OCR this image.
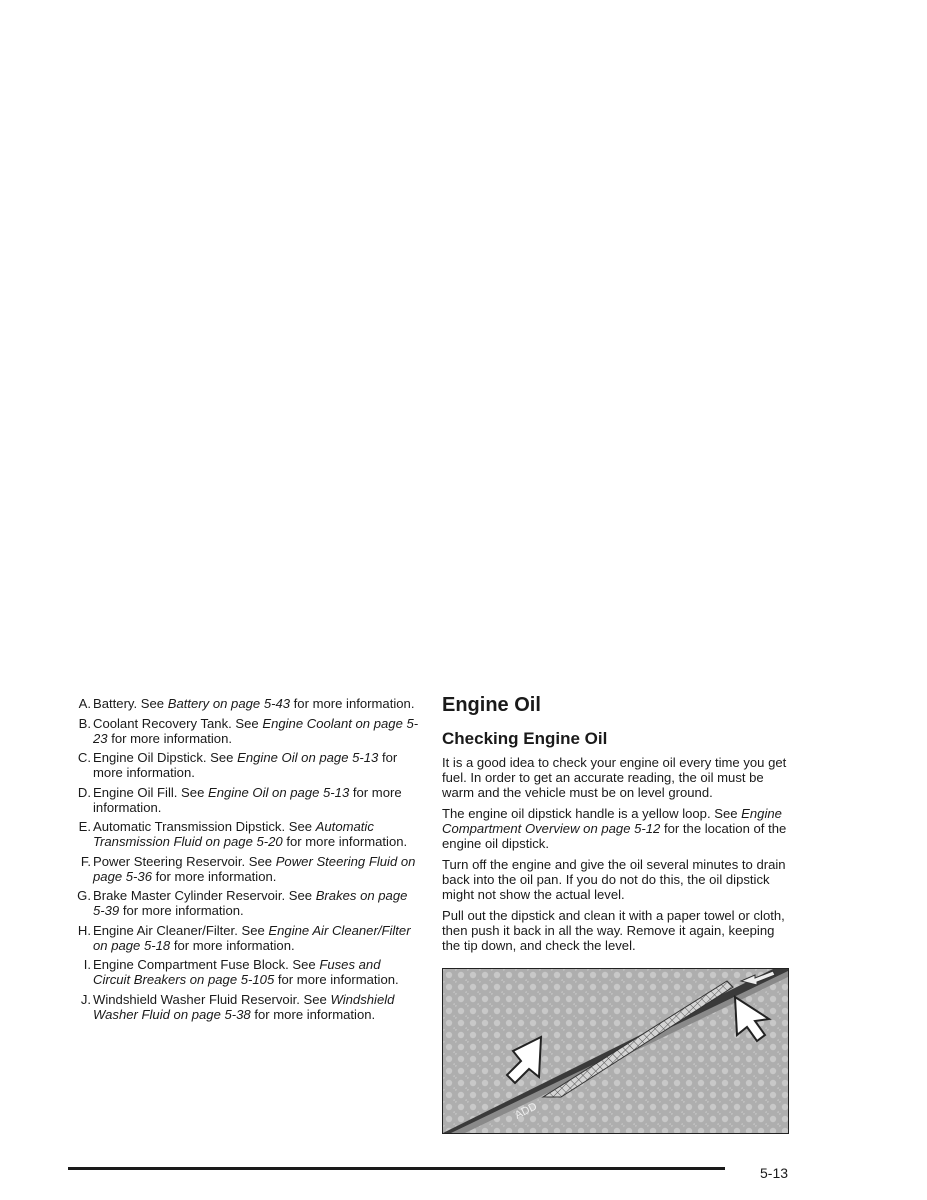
A. Battery. See Battery on page 5-43 for more information.
B. Coolant Recovery Tank. See Engine Coolant on page 5-23 for more information.
C. Engine Oil Dipstick. See Engine Oil on page 5-13 for more information.
D. Engine Oil Fill. See Engine Oil on page 5-13 for more information.
E. Automatic Transmission Dipstick. See Automatic Transmission Fluid on page 5-20 for more information.
F. Power Steering Reservoir. See Power Steering Fluid on page 5-36 for more information.
G. Brake Master Cylinder Reservoir. See Brakes on page 5-39 for more information.
H. Engine Air Cleaner/Filter. See Engine Air Cleaner/Filter on page 5-18 for more information.
I. Engine Compartment Fuse Block. See Fuses and Circuit Breakers on page 5-105 for more information.
J. Windshield Washer Fluid Reservoir. See Windshield Washer Fluid on page 5-38 for more information.
Engine Oil
Checking Engine Oil

It is a good idea to check your engine oil every time you get fuel. In order to get an accurate reading, the oil must be warm and the vehicle must be on level ground.

The engine oil dipstick handle is a yellow loop. See Engine Compartment Overview on page 5-12 for the location of the engine oil dipstick.

Turn off the engine and give the oil several minutes to drain back into the oil pan. If you do not do this, the oil dipstick might not show the actual level.

Pull out the dipstick and clean it with a paper towel or cloth, then push it back in all the way. Remove it again, keeping the tip down, and check the level.

ADD
5-13
